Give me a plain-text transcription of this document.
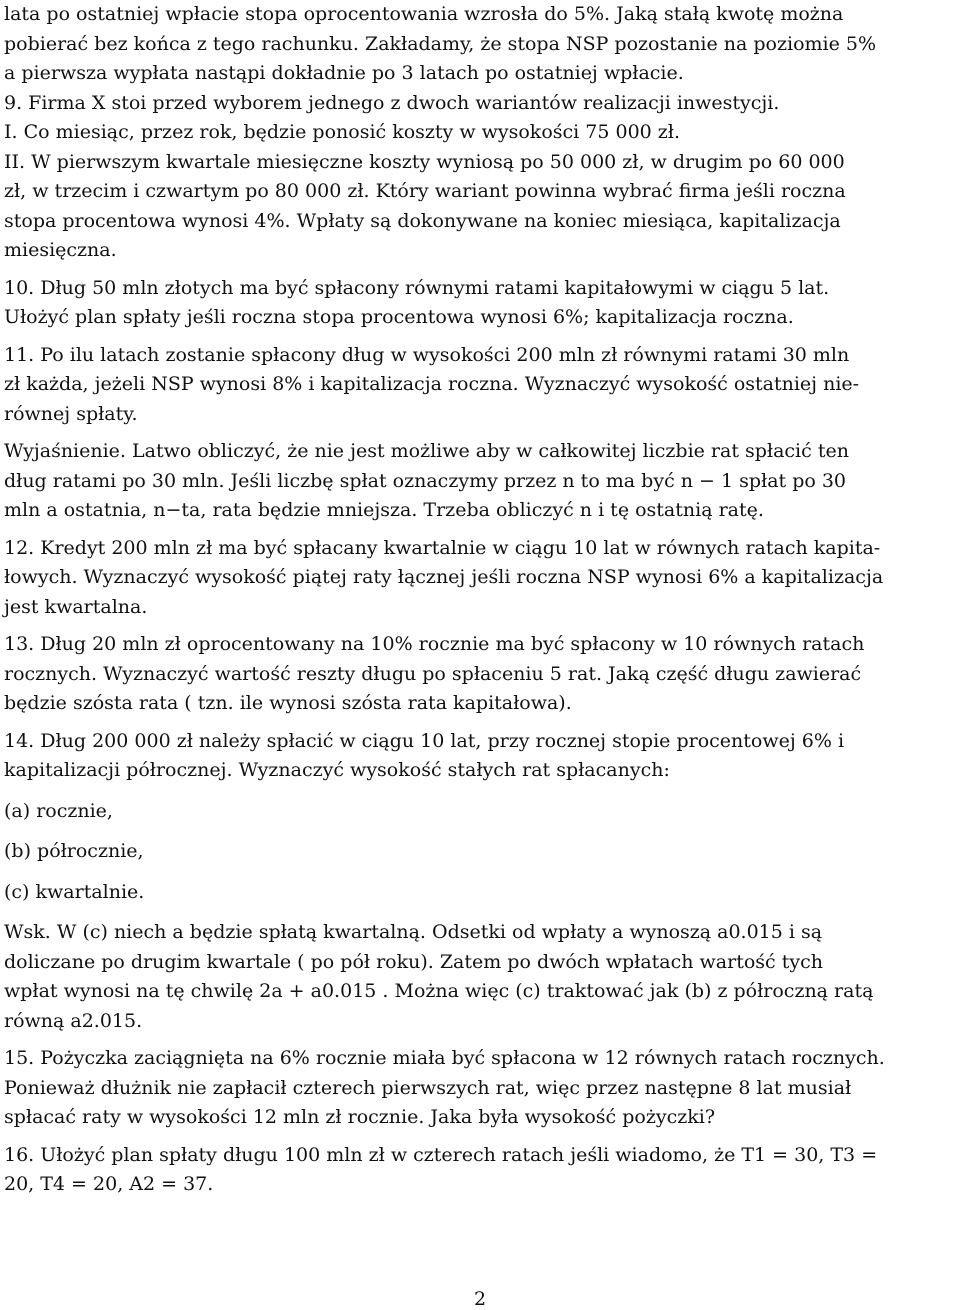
lata po ostatniej wpłacie stopa oprocentowania wzrosła do 5%. Jaką stałą kwotę można
pobierać bez końca z tego rachunku. Zakładamy, że stopa NSP pozostanie na poziomie 5%
a pierwsza wypłata nastąpi dokładnie po 3 latach po ostatniej wpłacie.
9. Firma X stoi przed wyborem jednego z dwoch wariantów realizacji inwestycji.
I. Co miesiąc, przez rok, będzie ponosić koszty w wysokości 75 000 zł.
II. W pierwszym kwartale miesięczne koszty wyniosą po 50 000 zł, w drugim po 60 000
zł, w trzecim i czwartym po 80 000 zł. Który wariant powinna wybrać firma jeśli roczna
stopa procentowa wynosi 4%. Wpłaty są dokonywane na koniec miesiąca, kapitalizacja
miesięczna.
10. Dług 50 mln złotych ma być spłacony równymi ratami kapitałowymi w ciągu 5 lat.
Ułożyć plan spłaty jeśli roczna stopa procentowa wynosi 6%; kapitalizacja roczna.
11. Po ilu latach zostanie spłacony dług w wysokości 200 mln zł równymi ratami 30 mln
zł każda, jeżeli NSP wynosi 8% i kapitalizacja roczna. Wyznaczyć wysokość ostatniej nie-
równej spłaty.
Wyjaśnienie. Latwo obliczyć, że nie jest możliwe aby w całkowitej liczbie rat spłacić ten
dług ratami po 30 mln. Jeśli liczbę spłat oznaczymy przez n to ma być n − 1 spłat po 30
mln a ostatnia, n−ta, rata będzie mniejsza. Trzeba obliczyć n i tę ostatnią ratę.
12. Kredyt 200 mln zł ma być spłacany kwartalnie w ciągu 10 lat w równych ratach kapita-
łowych. Wyznaczyć wysokość piątej raty łącznej jeśli roczna NSP wynosi 6% a kapitalizacja
jest kwartalna.
13. Dług 20 mln zł oprocentowany na 10% rocznie ma być spłacony w 10 równych ratach
rocznych. Wyznaczyć wartość reszty długu po spłaceniu 5 rat. Jaką część długu zawierać
będzie szósta rata ( tzn. ile wynosi szósta rata kapitałowa).
14. Dług 200 000 zł należy spłacić w ciągu 10 lat, przy rocznej stopie procentowej 6% i
kapitalizacji półrocznej. Wyznaczyć wysokość stałych rat spłacanych:
(a) rocznie,
(b) półrocznie,
(c) kwartalnie.
Wsk. W (c) niech a będzie spłatą kwartalną. Odsetki od wpłaty a wynoszą a0.015 i są
doliczane po drugim kwartale ( po pół roku). Zatem po dwóch wpłatach wartość tych
wpłat wynosi na tę chwilę 2a + a0.015 . Można więc (c) traktować jak (b) z półroczną ratą
równą a2.015.
15. Pożyczka zaciągnięta na 6% rocznie miała być spłacona w 12 równych ratach rocznych.
Ponieważ dłużnik nie zapłacił czterech pierwszych rat, więc przez następne 8 lat musiał
spłacać raty w wysokości 12 mln zł rocznie. Jaka była wysokość pożyczki?
16. Ułożyć plan spłaty długu 100 mln zł w czterech ratach jeśli wiadomo, że T1 = 30, T3 =
20, T4 = 20, A2 = 37.
2
